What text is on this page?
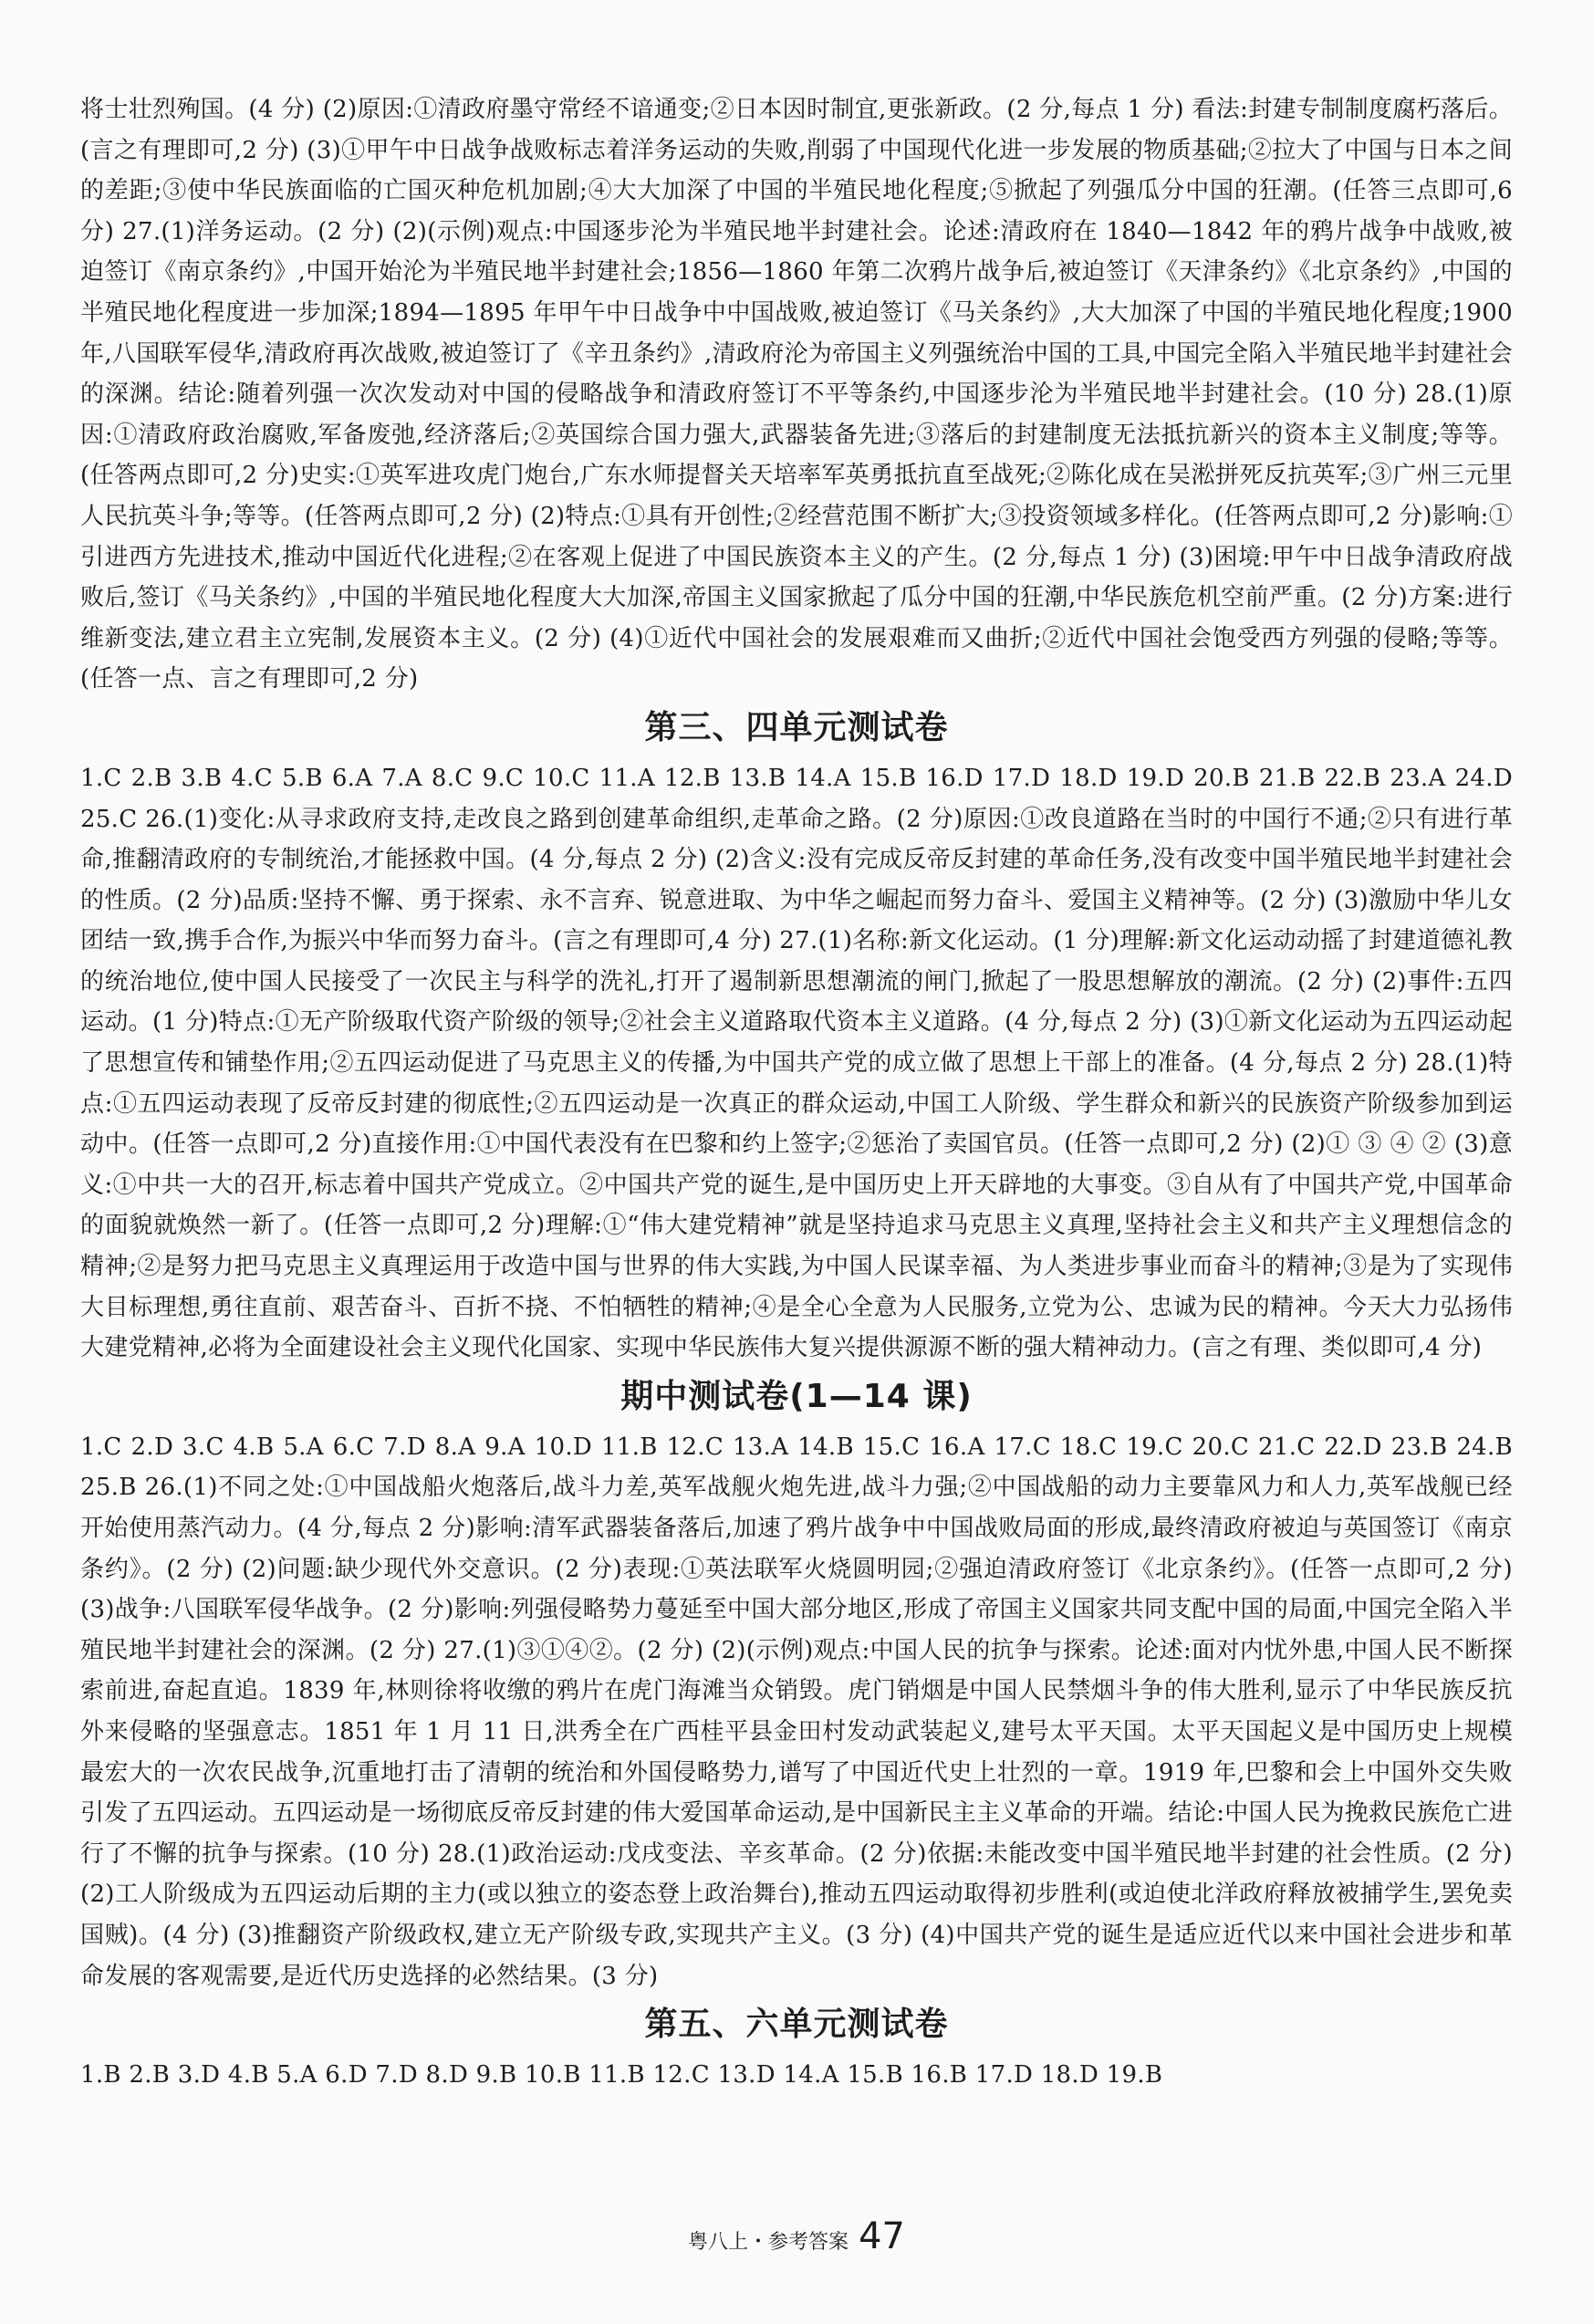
将士壮烈殉国。(4 分) (2)原因:①清政府墨守常经不谙通变;②日本因时制宜,更张新政。(2 分,每点 1 分) 看法:封建专制制度腐朽落后。(言之有理即可,2 分) (3)①甲午中日战争战败标志着洋务运动的失败,削弱了中国现代化进一步发展的物质基础;②拉大了中国与日本之间的差距;③使中华民族面临的亡国灭种危机加剧;④大大加深了中国的半殖民地化程度;⑤掀起了列强瓜分中国的狂潮。(任答三点即可,6 分) 27.(1)洋务运动。(2 分) (2)(示例)观点:中国逐步沦为半殖民地半封建社会。论述:清政府在 1840—1842 年的鸦片战争中战败,被迫签订《南京条约》,中国开始沦为半殖民地半封建社会;1856—1860 年第二次鸦片战争后,被迫签订《天津条约》《北京条约》,中国的半殖民地化程度进一步加深;1894—1895 年甲午中日战争中中国战败,被迫签订《马关条约》,大大加深了中国的半殖民地化程度;1900 年,八国联军侵华,清政府再次战败,被迫签订了《辛丑条约》,清政府沦为帝国主义列强统治中国的工具,中国完全陷入半殖民地半封建社会的深渊。结论:随着列强一次次发动对中国的侵略战争和清政府签订不平等条约,中国逐步沦为半殖民地半封建社会。(10 分) 28.(1)原因:①清政府政治腐败,军备废弛,经济落后;②英国综合国力强大,武器装备先进;③落后的封建制度无法抵抗新兴的资本主义制度;等等。(任答两点即可,2 分)史实:①英军进攻虎门炮台,广东水师提督关天培率军英勇抵抗直至战死;②陈化成在吴淞拼死反抗英军;③广州三元里人民抗英斗争;等等。(任答两点即可,2 分) (2)特点:①具有开创性;②经营范围不断扩大;③投资领域多样化。(任答两点即可,2 分)影响:①引进西方先进技术,推动中国近代化进程;②在客观上促进了中国民族资本主义的产生。(2 分,每点 1 分) (3)困境:甲午中日战争清政府战败后,签订《马关条约》,中国的半殖民地化程度大大加深,帝国主义国家掀起了瓜分中国的狂潮,中华民族危机空前严重。(2 分)方案:进行维新变法,建立君主立宪制,发展资本主义。(2 分) (4)①近代中国社会的发展艰难而又曲折;②近代中国社会饱受西方列强的侵略;等等。(任答一点、言之有理即可,2 分)

第三、四单元测试卷

1.C 2.B 3.B 4.C 5.B 6.A 7.A 8.C 9.C 10.C 11.A 12.B 13.B 14.A 15.B 16.D 17.D 18.D 19.D 20.B 21.B 22.B 23.A 24.D 25.C 26.(1)变化:从寻求政府支持,走改良之路到创建革命组织,走革命之路。(2 分)原因:①改良道路在当时的中国行不通;②只有进行革命,推翻清政府的专制统治,才能拯救中国。(4 分,每点 2 分) (2)含义:没有完成反帝反封建的革命任务,没有改变中国半殖民地半封建社会的性质。(2 分)品质:坚持不懈、勇于探索、永不言弃、锐意进取、为中华之崛起而努力奋斗、爱国主义精神等。(2 分) (3)激励中华儿女团结一致,携手合作,为振兴中华而努力奋斗。(言之有理即可,4 分) 27.(1)名称:新文化运动。(1 分)理解:新文化运动动摇了封建道德礼教的统治地位,使中国人民接受了一次民主与科学的洗礼,打开了遏制新思想潮流的闸门,掀起了一股思想解放的潮流。(2 分) (2)事件:五四运动。(1 分)特点:①无产阶级取代资产阶级的领导;②社会主义道路取代资本主义道路。(4 分,每点 2 分) (3)①新文化运动为五四运动起了思想宣传和铺垫作用;②五四运动促进了马克思主义的传播,为中国共产党的成立做了思想上干部上的准备。(4 分,每点 2 分) 28.(1)特点:①五四运动表现了反帝反封建的彻底性;②五四运动是一次真正的群众运动,中国工人阶级、学生群众和新兴的民族资产阶级参加到运动中。(任答一点即可,2 分)直接作用:①中国代表没有在巴黎和约上签字;②惩治了卖国官员。(任答一点即可,2 分) (2)① ③ ④ ② (3)意义:①中共一大的召开,标志着中国共产党成立。②中国共产党的诞生,是中国历史上开天辟地的大事变。③自从有了中国共产党,中国革命的面貌就焕然一新了。(任答一点即可,2 分)理解:①“伟大建党精神”就是坚持追求马克思主义真理,坚持社会主义和共产主义理想信念的精神;②是努力把马克思主义真理运用于改造中国与世界的伟大实践,为中国人民谋幸福、为人类进步事业而奋斗的精神;③是为了实现伟大目标理想,勇往直前、艰苦奋斗、百折不挠、不怕牺牲的精神;④是全心全意为人民服务,立党为公、忠诚为民的精神。今天大力弘扬伟大建党精神,必将为全面建设社会主义现代化国家、实现中华民族伟大复兴提供源源不断的强大精神动力。(言之有理、类似即可,4 分)

期中测试卷(1—14 课)

1.C 2.D 3.C 4.B 5.A 6.C 7.D 8.A 9.A 10.D 11.B 12.C 13.A 14.B 15.C 16.A 17.C 18.C 19.C 20.C 21.C 22.D 23.B 24.B 25.B 26.(1)不同之处:①中国战船火炮落后,战斗力差,英军战舰火炮先进,战斗力强;②中国战船的动力主要靠风力和人力,英军战舰已经开始使用蒸汽动力。(4 分,每点 2 分)影响:清军武器装备落后,加速了鸦片战争中中国战败局面的形成,最终清政府被迫与英国签订《南京条约》。(2 分) (2)问题:缺少现代外交意识。(2 分)表现:①英法联军火烧圆明园;②强迫清政府签订《北京条约》。(任答一点即可,2 分) (3)战争:八国联军侵华战争。(2 分)影响:列强侵略势力蔓延至中国大部分地区,形成了帝国主义国家共同支配中国的局面,中国完全陷入半殖民地半封建社会的深渊。(2 分) 27.(1)③①④②。(2 分) (2)(示例)观点:中国人民的抗争与探索。论述:面对内忧外患,中国人民不断探索前进,奋起直追。1839 年,林则徐将收缴的鸦片在虎门海滩当众销毁。虎门销烟是中国人民禁烟斗争的伟大胜利,显示了中华民族反抗外来侵略的坚强意志。1851 年 1 月 11 日,洪秀全在广西桂平县金田村发动武装起义,建号太平天国。太平天国起义是中国历史上规模最宏大的一次农民战争,沉重地打击了清朝的统治和外国侵略势力,谱写了中国近代史上壮烈的一章。1919 年,巴黎和会上中国外交失败引发了五四运动。五四运动是一场彻底反帝反封建的伟大爱国革命运动,是中国新民主主义革命的开端。结论:中国人民为挽救民族危亡进行了不懈的抗争与探索。(10 分) 28.(1)政治运动:戊戌变法、辛亥革命。(2 分)依据:未能改变中国半殖民地半封建的社会性质。(2 分) (2)工人阶级成为五四运动后期的主力(或以独立的姿态登上政治舞台),推动五四运动取得初步胜利(或迫使北洋政府释放被捕学生,罢免卖国贼)。(4 分) (3)推翻资产阶级政权,建立无产阶级专政,实现共产主义。(3 分) (4)中国共产党的诞生是适应近代以来中国社会进步和革命发展的客观需要,是近代历史选择的必然结果。(3 分)

第五、六单元测试卷

1.B 2.B 3.D 4.B 5.A 6.D 7.D 8.D 9.B 10.B 11.B 12.C 13.D 14.A 15.B 16.B 17.D 18.D 19.B

粤八上・参考答案 47
